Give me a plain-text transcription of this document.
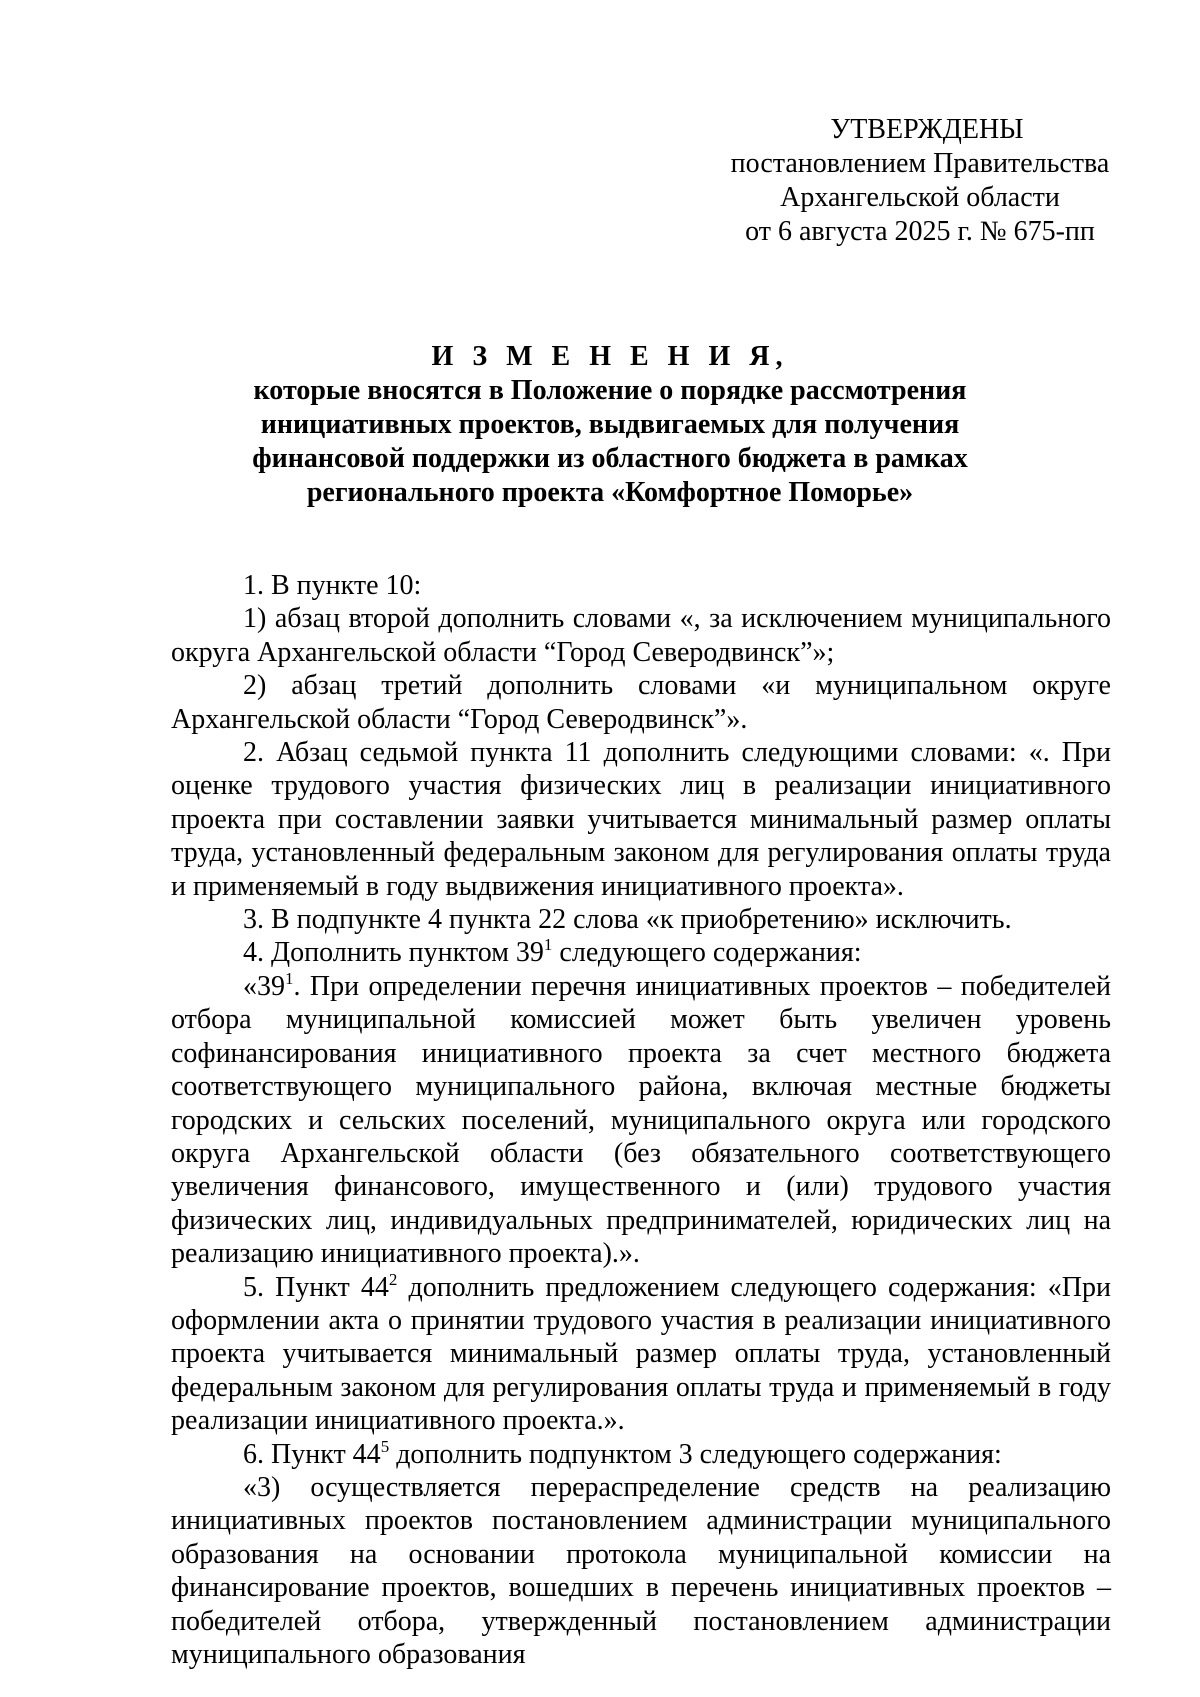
УТВЕРЖДЕНЫ
постановлением Правительства
Архангельской области
от 6 августа 2025 г. № 675-пп
И З М Е Н Е Н И Я,
которые вносятся в Положение о порядке рассмотрения
инициативных проектов, выдвигаемых для получения
финансовой поддержки из областного бюджета в рамках
регионального проекта «Комфортное Поморье»

1. В пункте 10:

1) абзац второй дополнить словами «, за исключением муниципального округа Архангельской области “Город Северодвинск”»;

2) абзац третий дополнить словами «и муниципальном округе Архангельской области “Город Северодвинск”».

2. Абзац седьмой пункта 11 дополнить следующими словами: «. При оценке трудового участия физических лиц в реализации инициативного проекта при составлении заявки учитывается минимальный размер оплаты труда, установленный федеральным законом для регулирования оплаты труда и применяемый в году выдвижения инициативного проекта».

3. В подпункте 4 пункта 22 слова «к приобретению» исключить.

4. Дополнить пунктом $39^1$ следующего содержания:

«$39^1$. При определении перечня инициативных проектов – победителей отбора муниципальной комиссией может быть увеличен уровень софинансирования инициативного проекта за счет местного бюджета соответствующего муниципального района, включая местные бюджеты городских и сельских поселений, муниципального округа или городского округа Архангельской области (без обязательного соответствующего увеличения финансового, имущественного и (или) трудового участия физических лиц, индивидуальных предпринимателей, юридических лиц на реализацию инициативного проекта).».

5. Пункт $44^2$ дополнить предложением следующего содержания: «При оформлении акта о принятии трудового участия в реализации инициативного проекта учитывается минимальный размер оплаты труда, установленный федеральным законом для регулирования оплаты труда и применяемый в году реализации инициативного проекта.».

6. Пункт $44^5$ дополнить подпунктом 3 следующего содержания:

«3) осуществляется перераспределение средств на реализацию инициативных проектов постановлением администрации муниципального образования на основании протокола муниципальной комиссии на финансирование проектов, вошедших в перечень инициативных проектов – победителей отбора, утвержденный постановлением администрации муниципального образования
